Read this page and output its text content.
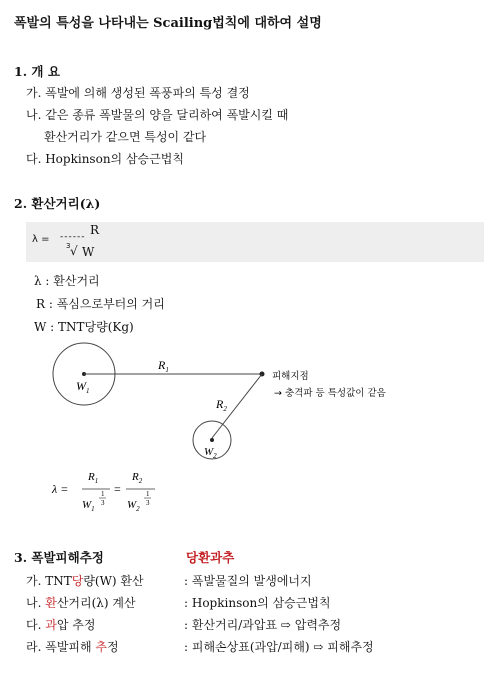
폭발의 특성을 나타내는 Scailing법칙에 대하여 설명
1. 개 요
가. 폭발에 의해 생성된 폭풍파의 특성 결정
나. 같은 종류 폭발물의 양을 달리하여 폭발시킬 때
환산거리가 같으면 특성이 같다
다. Hopkinson의 삼승근법칙
2. 환산거리(λ)
λ =
R
------
3 √ W
λ : 환산거리
R : 폭심으로부터의 거리
W : TNT당량(Kg)
$R_1$
$R_2$
$W_1$
$W_2$
피해지점
→ 충격파 등 특성값이 같음
λ =
$R_1$
$W_1$
1
3
=
$R_2$
$W_2$
1
3
3. 폭발피해추정	당환과추
가. TNT당량(W) 환산	: 폭발물질의 발생에너지
나. 환산거리(λ) 계산	: Hopkinson의 삼승근법칙
다. 과압 추정	: 환산거리/과압표 ⇨ 압력추정
라. 폭발피해 추정	: 피해손상표(과압/피해) ⇨ 피해추정
